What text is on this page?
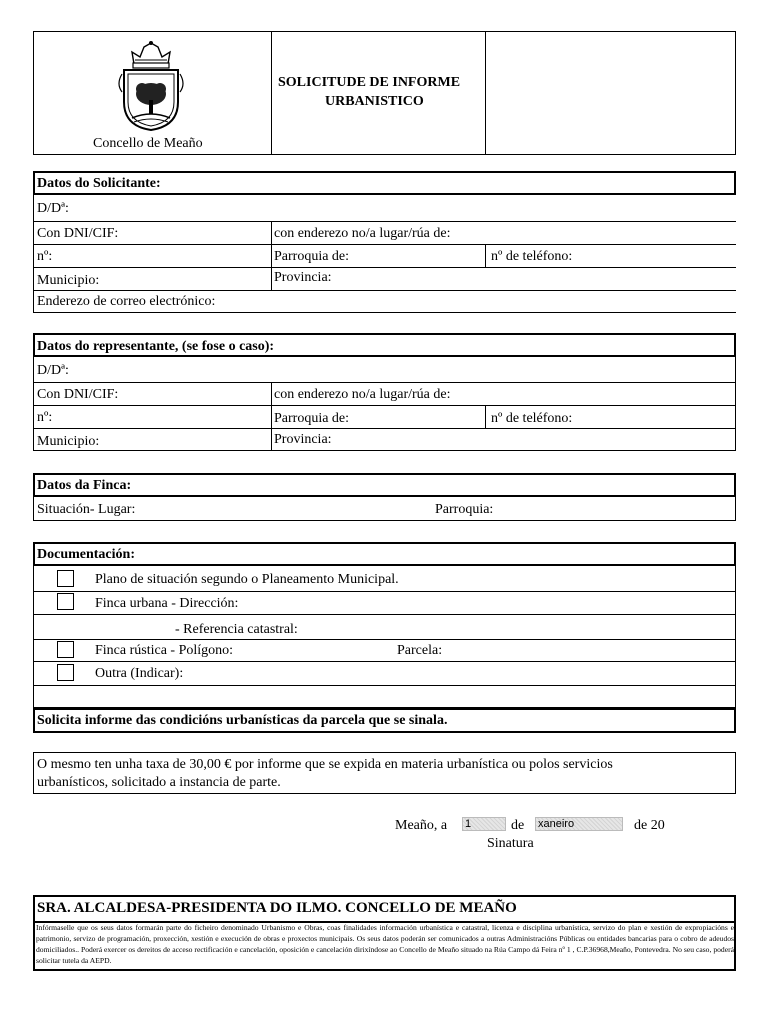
Concello de Meaño
SOLICITUDE DE INFORME
URBANISTICO
Datos do Solicitante:
D/Dª:
Con DNI/CIF:	con enderezo no/a lugar/rúa de:
nº:	Parroquia de:	nº de teléfono:
Municipio:	Provincia:
Enderezo de correo electrónico:
Datos do representante, (se fose o caso):
D/Dª:
Con DNI/CIF:	con enderezo no/a lugar/rúa de:
nº:	Parroquia de:	nº de teléfono:
Municipio:	Provincia:
Datos da Finca:
Situación- Lugar:	Parroquia:
Documentación:
Plano de situación segundo o Planeamento Municipal.
Finca urbana - Dirección:
- Referencia catastral:
Finca rústica - Polígono:	Parcela:
Outra (Indicar):
Solicita informe das condicións urbanísticas da parcela que se sinala.
O mesmo ten unha taxa de 30,00 € por informe que se expida en materia urbanística ou polos servicios
urbanísticos, solicitado a instancia de parte.
Meaño, a 1	de xaneiro	de 20
Sinatura
SRA. ALCALDESA-PRESIDENTA DO ILMO. CONCELLO DE MEAÑO
Infórmaselle que os seus datos formarán parte do ficheiro denominado Urbanismo e Obras, coas finalidades información urbanística e catastral, licenza e disciplina urbanística, servizo do plan e xestión de expropiacións e patrimonio, servizo de programación, proxección, xestión e execución de obras e proxectos municipais. Os seus datos poderán ser comunicados a outras Administracións Públicas ou entidades bancarias para o cobro de adeudos domiciliados.. Poderá exercer os dereitos de acceso rectificación e cancelación, oposición e cancelación dirixíndose ao Concello de Meaño situado na Rúa Campo dá Feira nº 1 , C.P.36968,Meaño, Pontevedra. No seu caso, poderá solicitar tutela da AEPD.
